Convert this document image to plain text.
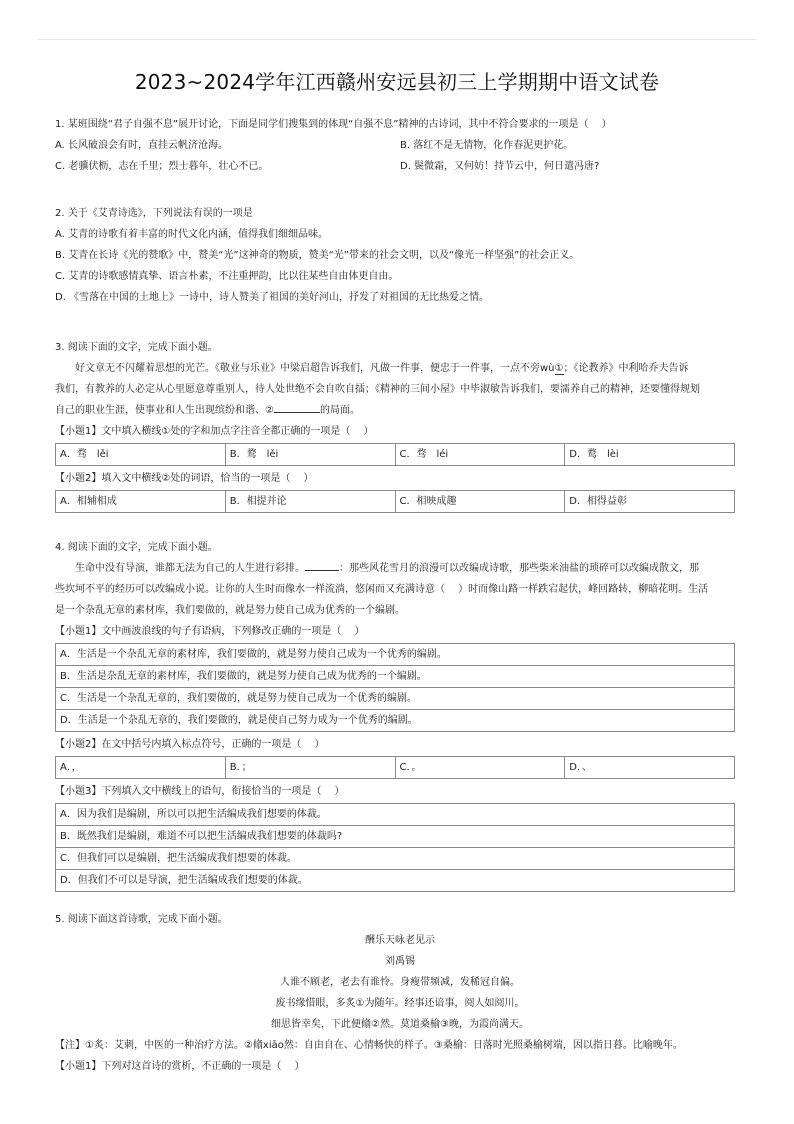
2023~2024学年江西赣州安远县初三上学期期中语文试卷
1. 某班围绕“君子自强不息”展开讨论，下面是同学们搜集到的体现“自强不息”精神的古诗词，其中不符合要求的一项是（　 ）
A. 长风破浪会有时，直挂云帆济沧海。	B. 落红不是无情物，化作春泥更护花。
C. 老骥伏枥，志在千里；烈士暮年，壮心不已。	D. 鬓微霜，又何妨！持节云中，何日遣冯唐?
2. 关于《艾青诗选》，下列说法有误的一项是
A. 艾青的诗歌有着丰富的时代文化内涵，值得我们细细品味。
B. 艾青在长诗《光的赞歌》中，赞美“光”这神奇的物质，赞美“光”带来的社会文明，以及“像光一样坚强”的社会正义。
C. 艾青的诗歌感情真挚、语言朴素，不注重押韵，比以往某些自由体更自由。
D. 《雪落在中国的土地上》一诗中，诗人赞美了祖国的美好河山，抒发了对祖国的无比热爱之情。
3. 阅读下面的文字，完成下面小题。
好文章无不闪耀着思想的光芒。《敬业与乐业》中梁启超告诉我们，凡做一件事，便忠于一件事，一点不旁wù①；《论教养》中利哈乔夫告诉
我们，有教养的人必定从心里愿意尊重别人，待人处世绝不会自吹自擂；《精神的三间小屋》中毕淑敏告诉我们，要濡养自己的精神，还要懂得规划
自己的职业生涯，使事业和人生出现缤纷和谐、②	的局面。
【小题1】文中填入横线①处的字和加点字注音全都正确的一项是（　 ）
A．骛　lěi	B．鹜　lěi	C．骛　léi	D．鹜　lèi
【小题2】填入文中横线②处的词语，恰当的一项是（　 ）
A．相辅相成	B．相提并论	C．相映成趣	D．相得益彰
4. 阅读下面的文字，完成下面小题。
生命中没有导演，谁都无法为自己的人生进行彩排。	：那些风花雪月的浪漫可以改编成诗歌，那些柴米油盐的琐碎可以改编成散文，那
些坎坷不平的经历可以改编成小说。让你的人生时而像水一样流淌，悠闲而又充满诗意（　 ）时而像山路一样跌宕起伏，峰回路转，柳暗花明。生活
是一个杂乱无章的素材库，我们要做的，就是努力使自己成为优秀的一个编剧。
【小题1】文中画波浪线的句子有语病，下列修改正确的一项是（　 ）
A．生活是一个杂乱无章的素材库，我们要做的，就是努力使自己成为一个优秀的编剧。
B．生活是杂乱无章的素材库，我们要做的，就是努力使自己成为优秀的一个编剧。
C．生活是一个杂乱无章的，我们要做的，就是努力使自己成为一个优秀的编剧。
D．生活是一个杂乱无章的，我们要做的，就是使自己努力成为一个优秀的编剧。
【小题2】在文中括号内填入标点符号，正确的一项是（　 ）
A．，	B．；	C．。	D．、
【小题3】下列填入文中横线上的语句，衔接恰当的一项是（　 ）
A．因为我们是编剧，所以可以把生活编成我们想要的体裁。
B．既然我们是编剧，难道不可以把生活编成我们想要的体裁吗?
C．但我们可以是编剧，把生活编成我们想要的体裁。
D．但我们不可以是导演，把生活编成我们想要的体裁。
5. 阅读下面这首诗歌，完成下面小题。
酬乐天咏老见示
刘禹锡
人谁不顾老，老去有谁怜。身瘦带频减，发稀冠自偏。
废书缘惜眼，多炙①为随年。经事还谙事，阅人如阅川。
细思皆幸矣，下此便翛②然。莫道桑榆③晚，为霞尚满天。
【注】①炙：艾刺，中医的一种治疗方法。②翛xiāo然：自由自在、心情畅快的样子。③桑榆：日落时光照桑榆树端，因以指日暮。比喻晚年。
【小题1】下列对这首诗的赏析，不正确的一项是（　 ）
